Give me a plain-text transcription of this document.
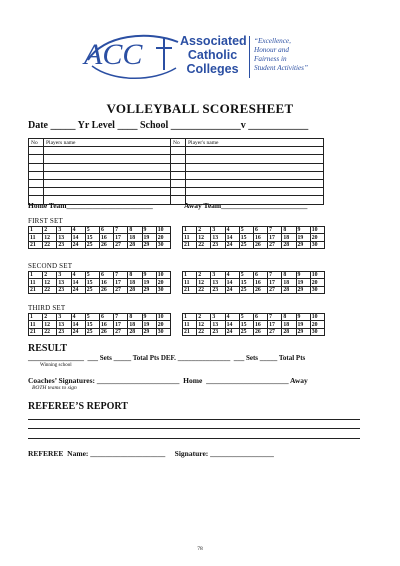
ACC	Associated
Catholic
Colleges
“Excellence,
Honour and
Fairness in
Student Activities”
VOLLEYBALL SCORESHEET
Date _____ Yr Level ____ School ______________v ____________
No	Players name	No	Player's name

Home Team_______________________	Away Team_______________________
FIRST SET
1	2	3	4	5	6	7	8	9	10
11	12	13	14	15	16	17	18	19	20
21	22	23	24	25	26	27	28	29	30
1	2	3	4	5	6	7	8	9	10
11	12	13	14	15	16	17	18	19	20
21	22	23	24	25	26	27	28	29	30
SECOND SET
1	2	3	4	5	6	7	8	9	10
11	12	13	14	15	16	17	18	19	20
21	22	23	24	25	26	27	28	29	30
1	2	3	4	5	6	7	8	9	10
11	12	13	14	15	16	17	18	19	20
21	22	23	24	25	26	27	28	29	30
THIRD SET
1	2	3	4	5	6	7	8	9	10
11	12	13	14	15	16	17	18	19	20
21	22	23	24	25	26	27	28	29	30
1	2	3	4	5	6	7	8	9	10
11	12	13	14	15	16	17	18	19	20
21	22	23	24	25	26	27	28	29	30
RESULT
________________ ___ Sets _____ Total Pts DEF. _______________ ___ Sets _____ Total Pts
Winning school
Coaches’ Signatures: ______________________ Home ______________________ Away
BOTH teams to sign
REFEREE’S REPORT
REFEREE  Name: ____________________ Signature: _________________
78
